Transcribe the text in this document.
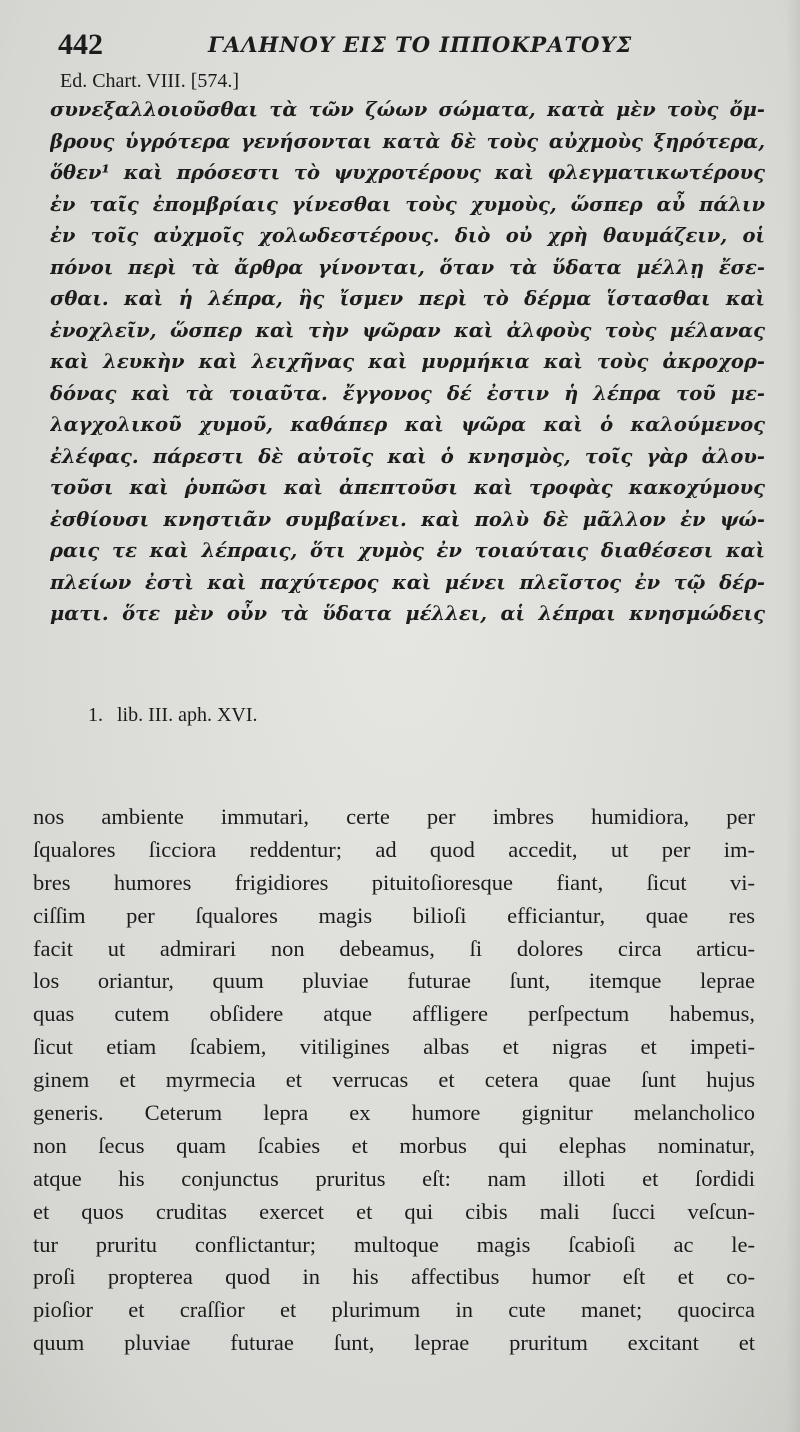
442	ΓΑΛΗΝΟΥ ΕΙΣ ΤΟ ΙΠΠΟΚΡΑΤΟΥΣ
Ed. Chart. VIII. [574.]
συνεξαλλοιοῦσθαι τὰ τῶν ζώων σώματα, κατὰ μὲν τοὺς ὄμ-
βρους ὑγρότερα γενήσονται κατὰ δὲ τοὺς αὐχμοὺς ξηρότερα,
ὅθεν¹ καὶ πρόσεστι τὸ ψυχροτέρους καὶ φλεγματικωτέρους
ἐν ταῖς ἐπομβρίαις γίνεσθαι τοὺς χυμοὺς, ὥσπερ αὖ πάλιν
ἐν τοῖς αὐχμοῖς χολωδεστέρους. διὸ οὐ χρὴ θαυμάζειν, οἱ
πόνοι περὶ τὰ ἄρθρα γίνονται, ὅταν τὰ ὕδατα μέλλῃ ἔσε-
σθαι. καὶ ἡ λέπρα, ἣς ἴσμεν περὶ τὸ δέρμα ἵστασθαι καὶ
ἐνοχλεῖν, ὥσπερ καὶ τὴν ψῶραν καὶ ἀλφοὺς τοὺς μέλανας
καὶ λευκὴν καὶ λειχῆνας καὶ μυρμήκια καὶ τοὺς ἀκροχορ-
δόνας καὶ τὰ τοιαῦτα. ἔγγονος δέ ἐστιν ἡ λέπρα τοῦ με-
λαγχολικοῦ χυμοῦ, καθάπερ καὶ ψῶρα καὶ ὁ καλούμενος
ἐλέφας. πάρεστι δὲ αὐτοῖς καὶ ὁ κνησμὸς, τοῖς γὰρ ἀλου-
τοῦσι καὶ ῥυπῶσι καὶ ἀπεπτοῦσι καὶ τροφὰς κακοχύμους
ἐσθίουσι κνηστιᾶν συμβαίνει. καὶ πολὺ δὲ μᾶλλον ἐν ψώ-
ραις τε καὶ λέπραις, ὅτι χυμὸς ἐν τοιαύταις διαθέσεσι καὶ
πλείων ἐστὶ καὶ παχύτερος καὶ μένει πλεῖστος ἐν τῷ δέρ-
ματι. ὅτε μὲν οὖν τὰ ὕδατα μέλλει, αἱ λέπραι κνησμώδεις
1. lib. III. aph. XVI.
nos ambiente immutari, certe per imbres humidiora, per
ſqualores ſicciora reddentur; ad quod accedit, ut per im-
bres humores frigidiores pituitoſioresque fiant, ſicut vi-
ciſſim per ſqualores magis bilioſi efficiantur, quae res
facit ut admirari non debeamus, ſi dolores circa articu-
los oriantur, quum pluviae futurae ſunt, itemque leprae
quas cutem obſidere atque affligere perſpectum habemus,
ſicut etiam ſcabiem, vitiligines albas et nigras et impeti-
ginem et myrmecia et verrucas et cetera quae ſunt hujus
generis. Ceterum lepra ex humore gignitur melancholico
non ſecus quam ſcabies et morbus qui elephas nominatur,
atque his conjunctus pruritus eſt: nam illoti et ſordidi
et quos cruditas exercet et qui cibis mali ſucci veſcun-
tur pruritu conflictantur; multoque magis ſcabioſi ac le-
proſi propterea quod in his affectibus humor eſt et co-
pioſior et craſſior et plurimum in cute manet; quocirca
quum pluviae futurae ſunt, leprae pruritum excitant et
